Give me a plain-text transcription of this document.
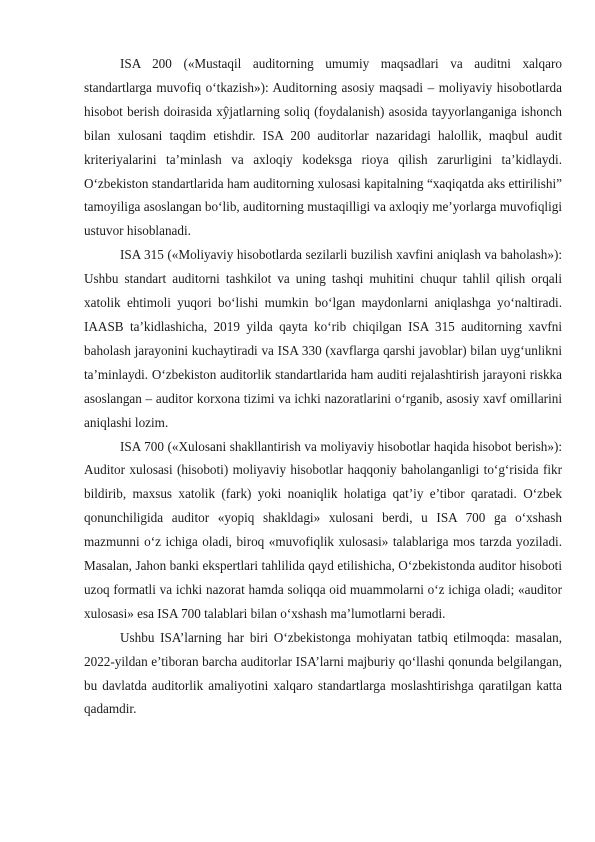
ISA 200 («Mustaqil auditorning umumiy maqsadlari va auditni xalqaro standartlarga muvofiq o‘tkazish»): Auditorning asosiy maqsadi – moliyaviy hisobotlarda hisobot berish doirasida xŷjatlarning soliq (foydalanish) asosida tayyorlanganiga ishonch bilan xulosani taqdim etishdir. ISA 200 auditorlar nazaridagi halollik, maqbul audit kriteriyalarini ta’minlash va axloqiy kodeksga rioya qilish zarurligini ta’kidlaydi. O‘zbekiston standartlarida ham auditorning xulosasi kapitalning “xaqiqatda aks ettirilishi” tamoyiliga asoslangan bo‘lib, auditorning mustaqilligi va axloqiy me’yorlarga muvofiqligi ustuvor hisoblanadi.

ISA 315 («Moliyaviy hisobotlarda sezilarli buzilish xavfini aniqlash va baholash»): Ushbu standart auditorni tashkilot va uning tashqi muhitini chuqur tahlil qilish orqali xatolik ehtimoli yuqori bo‘lishi mumkin bo‘lgan maydonlarni aniqlashga yo‘naltiradi. IAASB ta’kidlashicha, 2019 yilda qayta ko‘rib chiqilgan ISA 315 auditorning xavfni baholash jarayonini kuchaytiradi va ISA 330 (xavflarga qarshi javoblar) bilan uyg‘unlikni ta’minlaydi. O‘zbekiston auditorlik standartlarida ham auditi rejalashtirish jarayoni riskka asoslangan – auditor korxona tizimi va ichki nazoratlarini o‘rganib, asosiy xavf omillarini aniqlashi lozim.

ISA 700 («Xulosani shakllantirish va moliyaviy hisobotlar haqida hisobot berish»): Auditor xulosasi (hisoboti) moliyaviy hisobotlar haqqoniy baholanganligi to‘g‘risida fikr bildirib, maxsus xatolik (fark) yoki noaniqlik holatiga qat’iy e’tibor qaratadi. O‘zbek qonunchiligida auditor «yopiq shakldagi» xulosani berdi, u ISA 700 ga o‘xshash mazmunni o‘z ichiga oladi, biroq «muvofiqlik xulosasi» talablariga mos tarzda yoziladi. Masalan, Jahon banki ekspertlari tahlilida qayd etilishicha, O‘zbekistonda auditor hisoboti uzoq formatli va ichki nazorat hamda soliqqa oid muammolarni o‘z ichiga oladi; «auditor xulosasi» esa ISA 700 talablari bilan o‘xshash ma’lumotlarni beradi.

Ushbu ISA’larning har biri O‘zbekistonga mohiyatan tatbiq etilmoqda: masalan, 2022-yildan e’tiboran barcha auditorlar ISA’larni majburiy qo‘llashi qonunda belgilangan, bu davlatda auditorlik amaliyotini xalqaro standartlarga moslashtirishga qaratilgan katta qadamdir.
